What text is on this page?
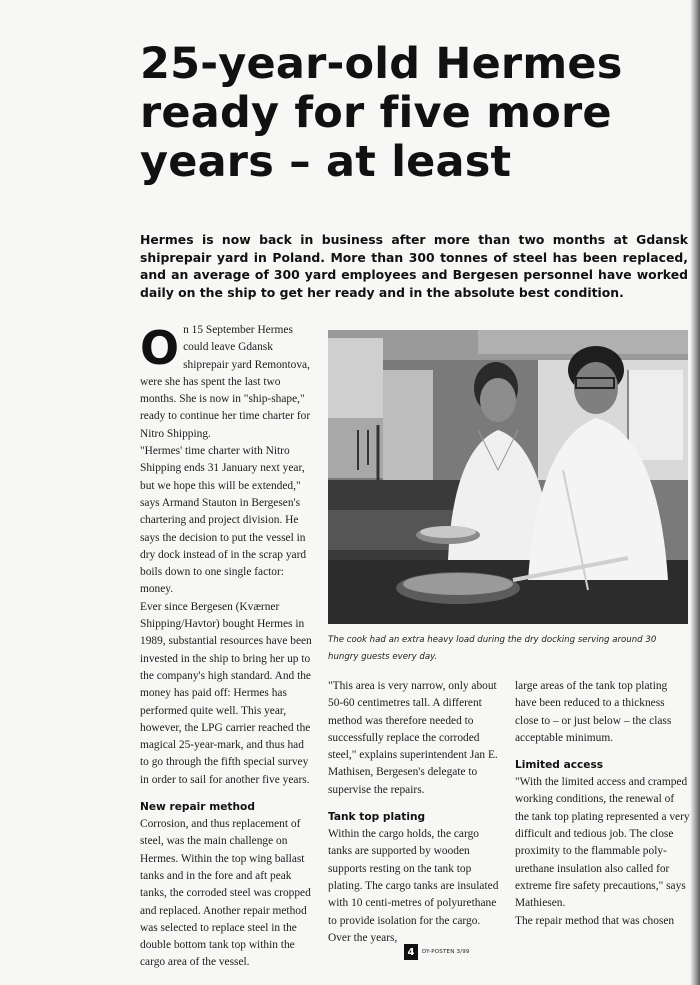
25-year-old Hermes
ready for five more
years – at least

Hermes is now back in business after more than two months at Gdansk shiprepair yard in Poland. More than 300 tonnes of steel has been replaced, and an average of 300 yard employees and Bergesen personnel have worked daily on the ship to get her ready and in the absolute best condition.

On 15 September Hermes could leave Gdansk shiprepair yard Remontova, were she has spent the last two months. She is now in "ship-shape," ready to continue her time charter for Nitro Shipping.

"Hermes' time charter with Nitro Shipping ends 31 January next year, but we hope this will be extended," says Armand Stauton in Bergesen's chartering and project division. He says the decision to put the vessel in dry dock instead of in the scrap yard boils down to one single factor: money.

Ever since Bergesen (Kværner Shipping/Havtor) bought Hermes in 1989, substantial resources have been invested in the ship to bring her up to the company's high standard. And the money has paid off: Hermes has performed quite well. This year, however, the LPG carrier reached the magical 25-year-mark, and thus had to go through the fifth special survey in order to sail for another five years.

New repair method

Corrosion, and thus replacement of steel, was the main challenge on Hermes. Within the top wing ballast tanks and in the fore and aft peak tanks, the corroded steel was cropped and replaced. Another repair method was selected to replace steel in the double bottom tank top within the cargo area of the vessel.

The cook had an extra heavy load during the dry docking serving around 30 hungry guests every day.

"This area is very narrow, only about 50-60 centimetres tall. A different method was therefore needed to successfully replace the corroded steel," explains superintendent Jan E. Mathisen, Bergesen's delegate to supervise the repairs.

Tank top plating

Within the cargo holds, the cargo tanks are supported by wooden supports resting on the tank top plating. The cargo tanks are insulated with 10 centi-metres of polyurethane to provide isolation for the cargo. Over the years,

large areas of the tank top plating have been reduced to a thickness close to – or just below – the class acceptable minimum.

Limited access

"With the limited access and cramped working conditions, the renewal of the tank top plating represented a very difficult and tedious job. The close proximity to the flammable poly-urethane insulation also called for extreme fire safety precautions," says Mathiesen.

The repair method that was chosen

4	DY-POSTEN 3/99
